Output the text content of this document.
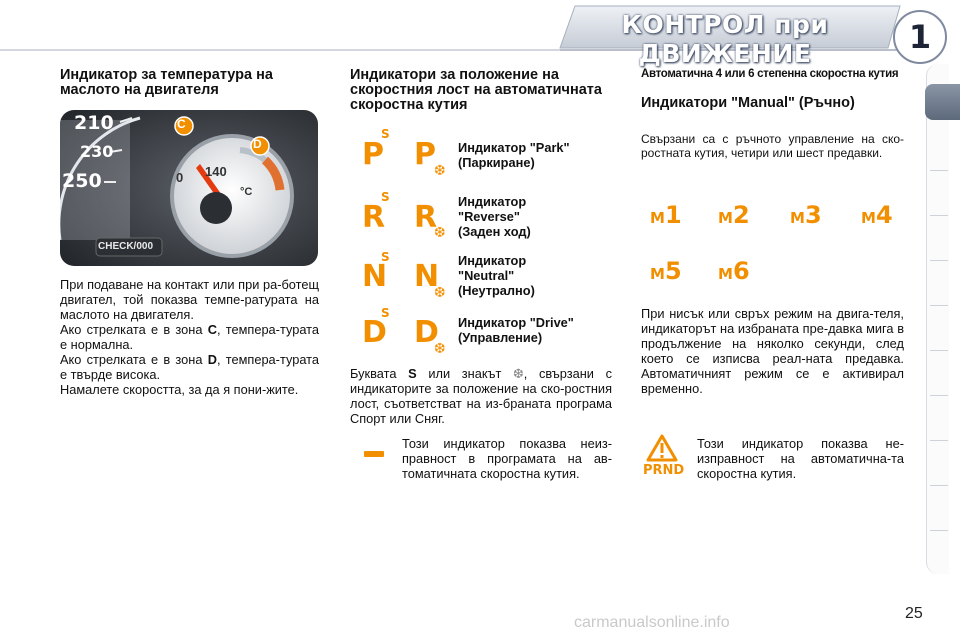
КОНТРОЛ при ДВИЖЕНИЕ	1
Индикатор за температура на маслото на двигателя
210
230
250
C
D
0 140
°C
CHECK/000

При подаване на контакт или при ра-ботещ двигател, той показва темпе-ратурата на маслото на двигателя.

Ако стрелката е в зона C, темпера-турата е нормална.

Ако стрелката е в зона D, темпера-турата е твърде висока.

Намалете скоростта, за да я пони-жите.

Индикатори за положение на скоростния лост на автоматичната скоростна кутия
S
P P
❆
Индикатор "Park"
(Паркиране)
S
R R
❆
Индикатор
"Reverse"
(Заден ход)
S
N N
❆
Индикатор
"Neutral"
(Неутрално)
S
D D
❆
Индикатор "Drive"
(Управление)

Буквата S или знакът ❆, свързани с индикаторите за положение на ско-ростния лост, съответстват на из-браната програма Спорт или Сняг.

Този индикатор показва неиз-правност в програмата на ав-томатичната скоростна кутия.
Автоматична 4 или 6 степенна скоростна кутия
Индикатори "Manual" (Ръчно)
Свързани са с ръчното управление на ско-ростната кутия, четири или шест предавки.
M1 M2	M3	M4
M5 M6
При нисък или свръх режим на двига-теля, индикаторът на избраната пре-давка мига в продължение на няколко секунди, след което се изписва реал-ната предавка. Автоматичният режим се е активирал временно.
PRND
Този индикатор показва не-изправност на автоматична-та скоростна кутия.
25
carmanualsonline.info
